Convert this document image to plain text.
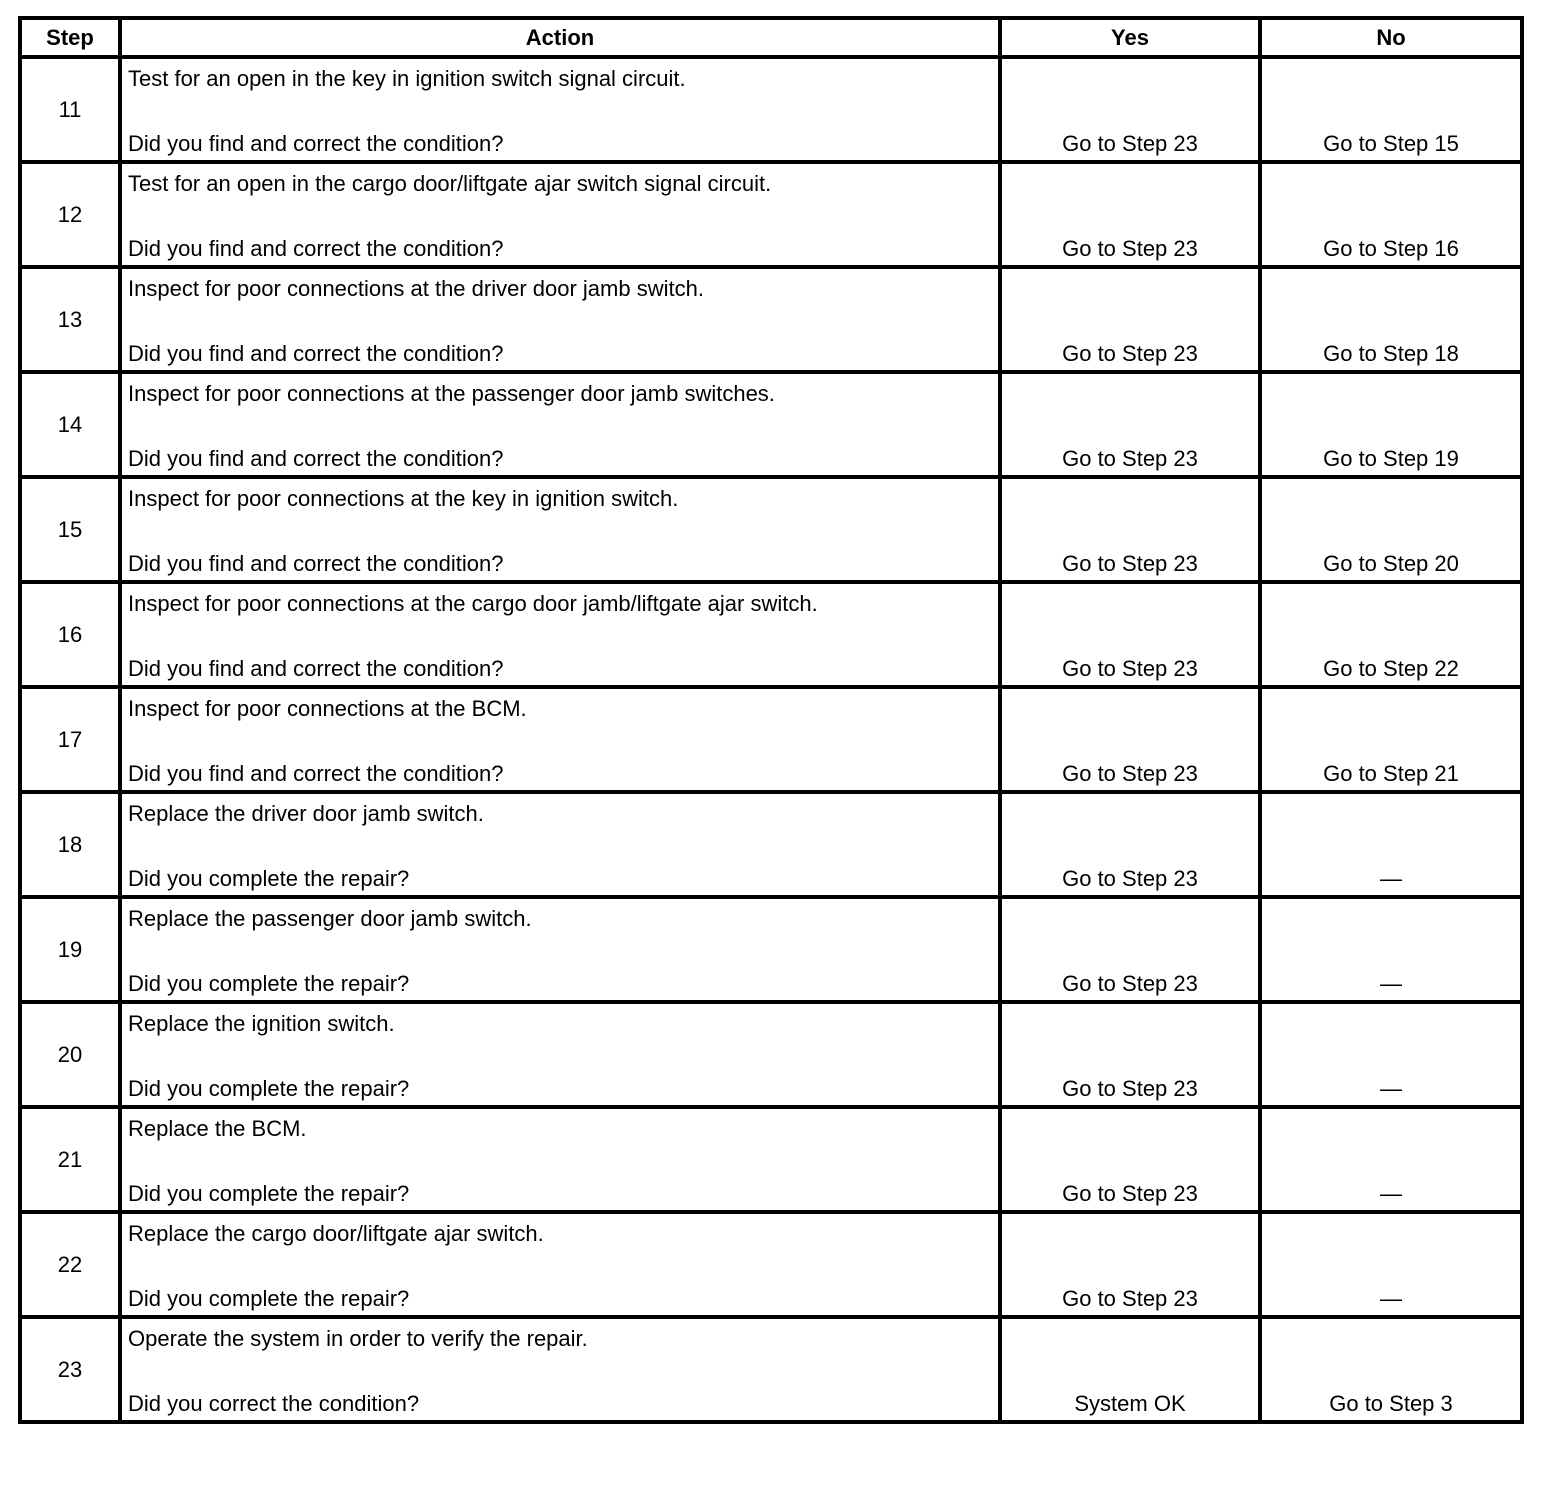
Step	Action	Yes	No
11	Test for an open in the key in ignition switch signal circuit.
Did you find and correct the condition?	Go to Step 23	Go to Step 15

12	Test for an open in the cargo door/liftgate ajar switch signal circuit.
Did you find and correct the condition?	Go to Step 23	Go to Step 16

13	Inspect for poor connections at the driver door jamb switch.
Did you find and correct the condition?	Go to Step 23	Go to Step 18

14	Inspect for poor connections at the passenger door jamb switches.
Did you find and correct the condition?	Go to Step 23	Go to Step 19

15	Inspect for poor connections at the key in ignition switch.
Did you find and correct the condition?	Go to Step 23	Go to Step 20

16	Inspect for poor connections at the cargo door jamb/liftgate ajar switch.
Did you find and correct the condition?	Go to Step 23	Go to Step 22

17	Inspect for poor connections at the BCM.
Did you find and correct the condition?	Go to Step 23	Go to Step 21

18	Replace the driver door jamb switch.
Did you complete the repair?	Go to Step 23	—

19	Replace the passenger door jamb switch.
Did you complete the repair?	Go to Step 23	—

20	Replace the ignition switch.
Did you complete the repair?	Go to Step 23	—

21	Replace the BCM.
Did you complete the repair?	Go to Step 23	—

22	Replace the cargo door/liftgate ajar switch.
Did you complete the repair?	Go to Step 23	—

23	Operate the system in order to verify the repair.
Did you correct the condition?	System OK	Go to Step 3
